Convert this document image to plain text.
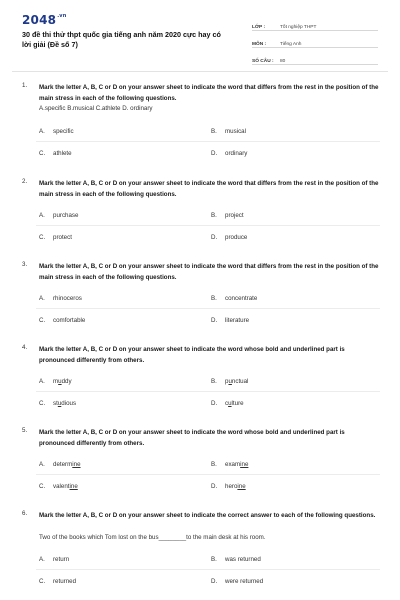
$2048^{.vn}$
30 đề thi thử thpt quốc gia tiếng anh năm 2020 cực hay có lời giải (Đề số 7)
LỚP :	Tốt nghiệp THPT
MÔN :	Tiếng Anh
SỐ CÂU :	80
1. Mark the letter A, B, C or D on your answer sheet to indicate the word that differs from the rest in the position of the main stress in each of the following questions.
A.specific B.musical C.athlete D. ordinary
A. specific	B. musical
C. athlete	D. ordinary
2. Mark the letter A, B, C or D on your answer sheet to indicate the word that differs from the rest in the position of the main stress in each of the following questions.
A. purchase	B. project
C. protect	D. produce
3. Mark the letter A, B, C or D on your answer sheet to indicate the word that differs from the rest in the position of the main stress in each of the following questions.
A. rhinoceros	B. concentrate
C. comfortable	D. literature
4. Mark the letter A, B, C or D on your answer sheet to indicate the word whose bold and underlined part is pronounced differently from others.
A. muddy	B. punctual
C. studious	D. culture
5. Mark the letter A, B, C or D on your answer sheet to indicate the word whose bold and underlined part is pronounced differently from others.
A. determine	B. examine
C. valentine	D. heroine
6. Mark the letter A, B, C or D on your answer sheet to indicate the correct answer to each of the following questions.
Two of the books which Tom lost on the bus________to the main desk at his room.
A. return	B. was returned
C. returned	D. were returned
